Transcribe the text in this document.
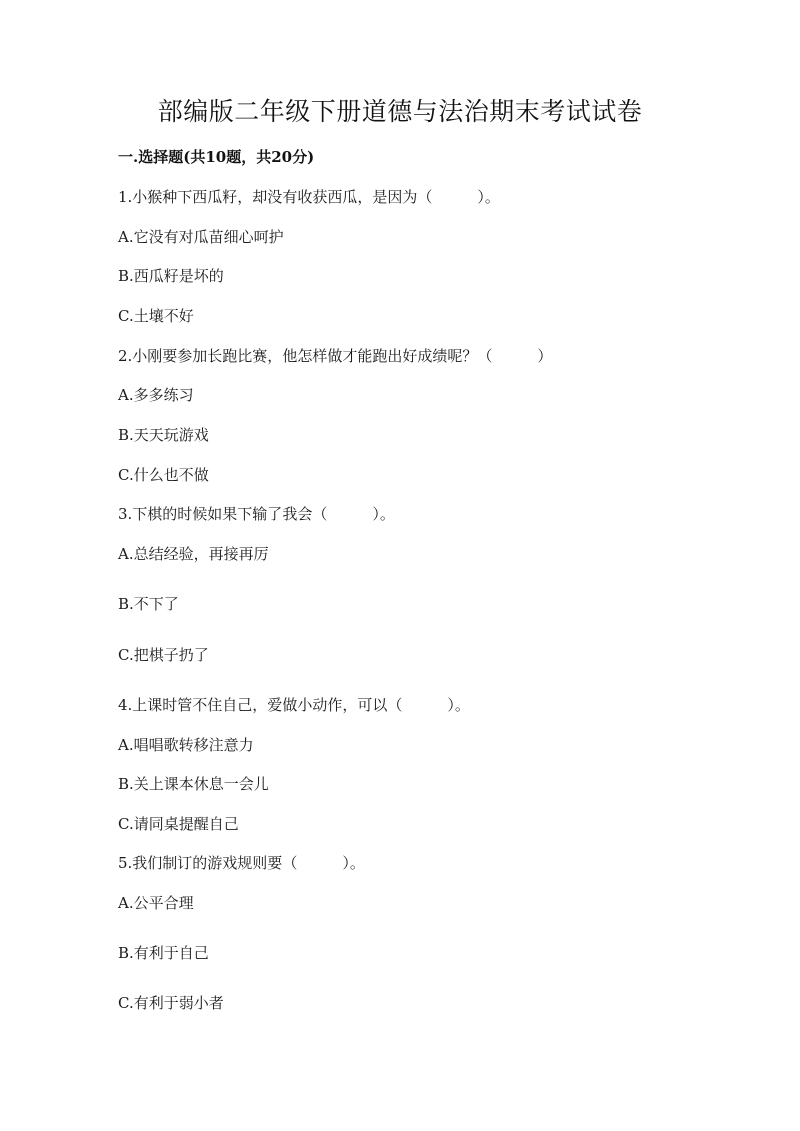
部编版二年级下册道德与法治期末考试试卷
一.选择题(共10题，共20分)
1.小猴种下西瓜籽，却没有收获西瓜，是因为（　　　）。
A.它没有对瓜苗细心呵护
B.西瓜籽是坏的
C.土壤不好
2.小刚要参加长跑比赛，他怎样做才能跑出好成绩呢？（　　　）
A.多多练习
B.天天玩游戏
C.什么也不做
3.下棋的时候如果下输了我会（　　　）。
A.总结经验，再接再厉
B.不下了
C.把棋子扔了
4.上课时管不住自己，爱做小动作，可以（　　　）。
A.唱唱歌转移注意力
B.关上课本休息一会儿
C.请同桌提醒自己
5.我们制订的游戏规则要（　　　）。
A.公平合理
B.有利于自己
C.有利于弱小者
